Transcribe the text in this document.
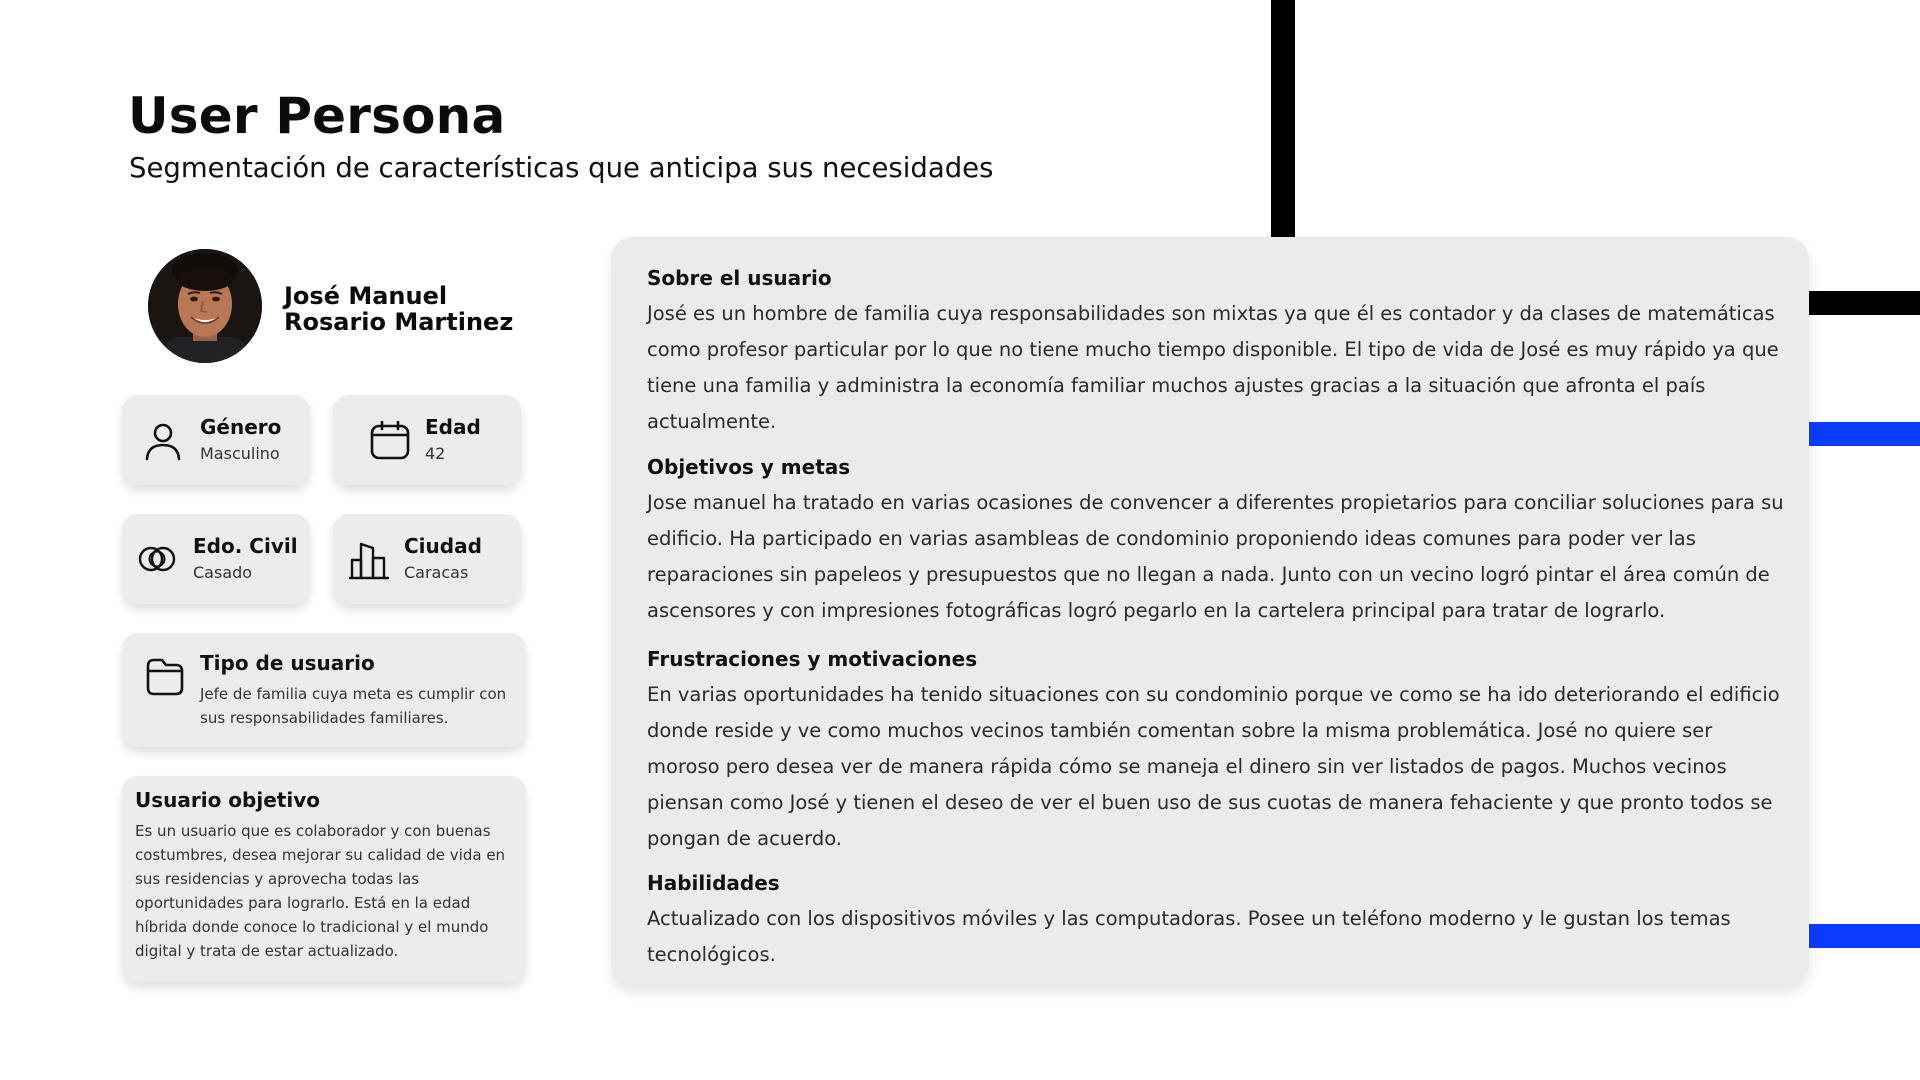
User Persona
Segmentación de características que anticipa sus necesidades
José Manuel
Rosario Martinez
Género
Masculino
Edad
42
Edo. Civil
Casado
Ciudad
Caracas
Tipo de usuario
Jefe de familia cuya meta es cumplir con sus responsabilidades familiares.
Usuario objetivo
Es un usuario que es colaborador y con buenas costumbres, desea mejorar su calidad de vida en sus residencias y aprovecha todas las oportunidades para lograrlo. Está en la edad híbrida donde conoce lo tradicional y el mundo digital y trata de estar actualizado.
Sobre el usuario

José es un hombre de familia cuya responsabilidades son mixtas ya que él es contador y da clases de matemáticas como profesor particular por lo que no tiene mucho tiempo disponible. El tipo de vida de José es muy rápido ya que tiene una familia y administra la economía familiar muchos ajustes gracias a la situación que afronta el país actualmente.

Objetivos y metas

Jose manuel ha tratado en varias ocasiones de convencer a diferentes propietarios para conciliar soluciones para su edificio. Ha participado en varias asambleas de condominio proponiendo ideas comunes para poder ver las reparaciones sin papeleos y presupuestos que no llegan a nada. Junto con un vecino logró pintar el área común de ascensores y con impresiones fotográficas logró pegarlo en la cartelera principal para tratar de lograrlo.

Frustraciones y motivaciones

En varias oportunidades ha tenido situaciones con su condominio porque ve como se ha ido deteriorando el edificio donde reside y ve como muchos vecinos también comentan sobre la misma problemática. José no quiere ser moroso pero desea ver de manera rápida cómo se maneja el dinero sin ver listados de pagos. Muchos vecinos piensan como José y tienen el deseo de ver el buen uso de sus cuotas de manera fehaciente y que pronto todos se pongan de acuerdo.

Habilidades

Actualizado con los dispositivos móviles y las computadoras. Posee un teléfono moderno y le gustan los temas tecnológicos.
